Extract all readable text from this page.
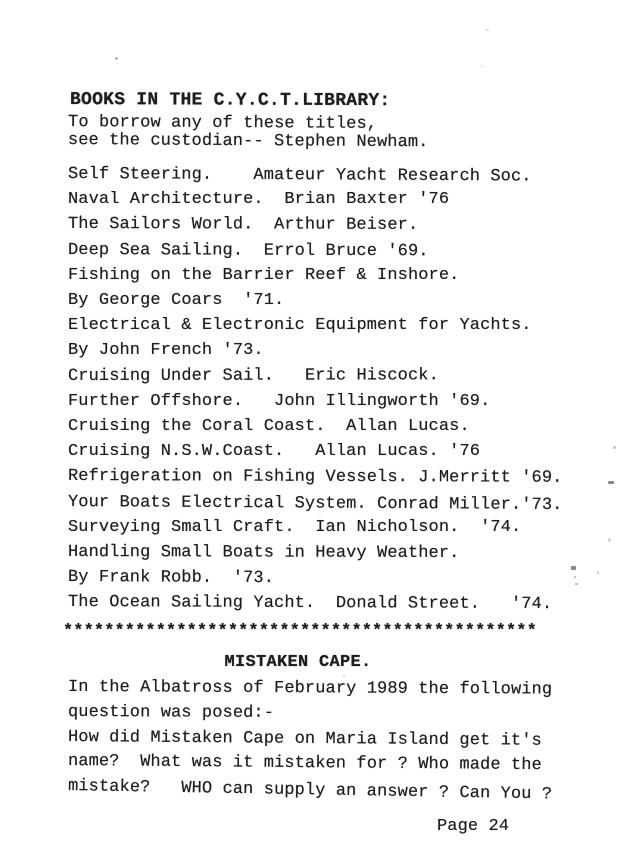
BOOKS IN THE C.Y.C.T.LIBRARY:
To borrow any of these titles,
see the custodian-- Stephen Newham.
Self Steering.    Amateur Yacht Research Soc.
Naval Architecture.  Brian Baxter '76
The Sailors World.  Arthur Beiser.
Deep Sea Sailing.  Errol Bruce '69.
Fishing on the Barrier Reef & Inshore.
By George Coars  '71.
Electrical & Electronic Equipment for Yachts.
By John French '73.
Cruising Under Sail.   Eric Hiscock.
Further Offshore.   John Illingworth '69.
Cruising the Coral Coast.  Allan Lucas.
Cruising N.S.W.Coast.   Allan Lucas. '76
Refrigeration on Fishing Vessels. J.Merritt '69.
Your Boats Electrical System. Conrad Miller.'73.
Surveying Small Craft.  Ian Nicholson.  '74.
Handling Small Boats in Heavy Weather.
By Frank Robb.  '73.
The Ocean Sailing Yacht.  Donald Street.   '74.
**********************************************
MISTAKEN CAPE.
In the Albatross of February 1989 the following
question was posed:-
How did Mistaken Cape on Maria Island get it's
name?  What was it mistaken for ? Who made the
mistake?   WHO can supply an answer ? Can You ?
Page 24
